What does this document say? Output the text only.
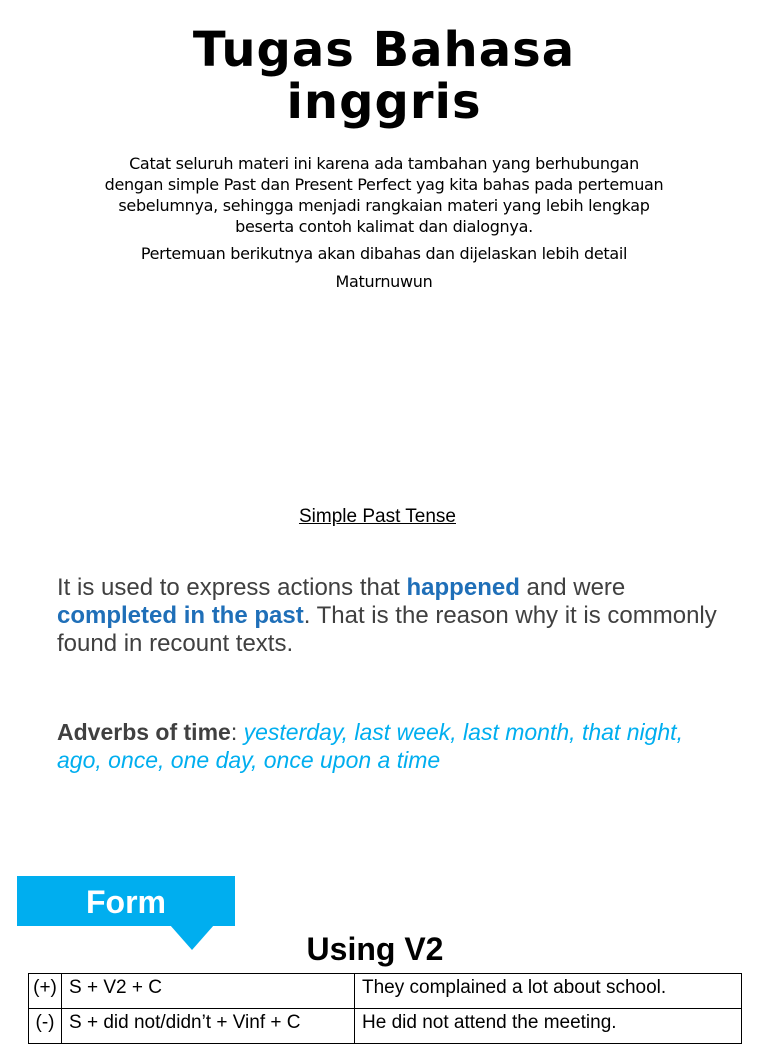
Tugas Bahasa
inggris

Catat seluruh materi ini karena ada tambahan yang berhubungan dengan simple Past dan Present Perfect yag kita bahas pada pertemuan sebelumnya, sehingga menjadi rangkaian materi yang lebih lengkap beserta contoh kalimat dan dialognya.

Pertemuan berikutnya akan dibahas dan dijelaskan lebih detail

Maturnuwun

Simple Past Tense
It is used to express actions that happened and were completed in the past. That is the reason why it is commonly found in recount texts.
Adverbs of time: yesterday, last week, last month, that night, ago, once, one day, once upon a time
Form
Using V2
(+)	S + V2 + C	They complained a lot about school.
(-)	S + did not/didn’t + Vinf + C	He did not attend the meeting.
